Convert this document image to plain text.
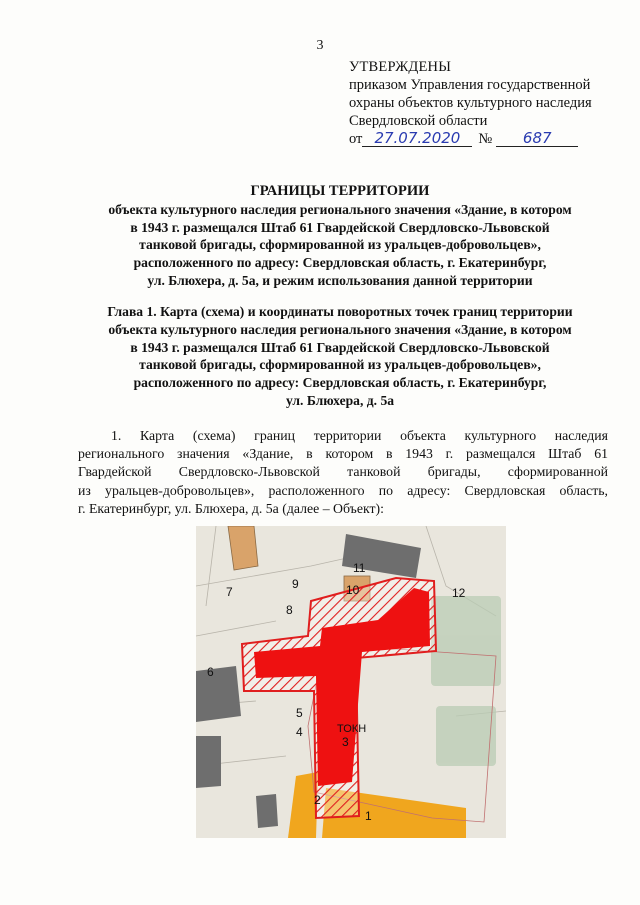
3
УТВЕРЖДЕНЫ
приказом Управления государственной
охраны объектов культурного наследия
Свердловской области
от 27.07.2020 № 687
ГРАНИЦЫ ТЕРРИТОРИИ
объекта культурного наследия регионального значения «Здание, в котором
в 1943 г. размещался Штаб 61 Гвардейской Свердловско-Львовской
танковой бригады, сформированной из уральцев-добровольцев»,
расположенного по адресу: Свердловская область, г. Екатеринбург,
ул. Блюхера, д. 5а, и режим использования данной территории
Глава 1. Карта (схема) и координаты поворотных точек границ территории
объекта культурного наследия регионального значения «Здание, в котором
в 1943 г. размещался Штаб 61 Гвардейской Свердловско-Львовской
танковой бригады, сформированной из уральцев-добровольцев»,
расположенного по адресу: Свердловская область, г. Екатеринбург,
ул. Блюхера, д. 5а
1. Карта (схема) границ территории объекта культурного наследия
регионального значения «Здание, в котором в 1943 г. размещался Штаб 61
Гвардейской Свердловско-Львовской танковой бригады, сформированной
из уральцев-добровольцев», расположенного по адресу: Свердловская область,
г. Екатеринбург, ул. Блюхера, д. 5а (далее – Объект):
1
2
3
4
5
6
7
8
9	10
11
12
ТОКН
